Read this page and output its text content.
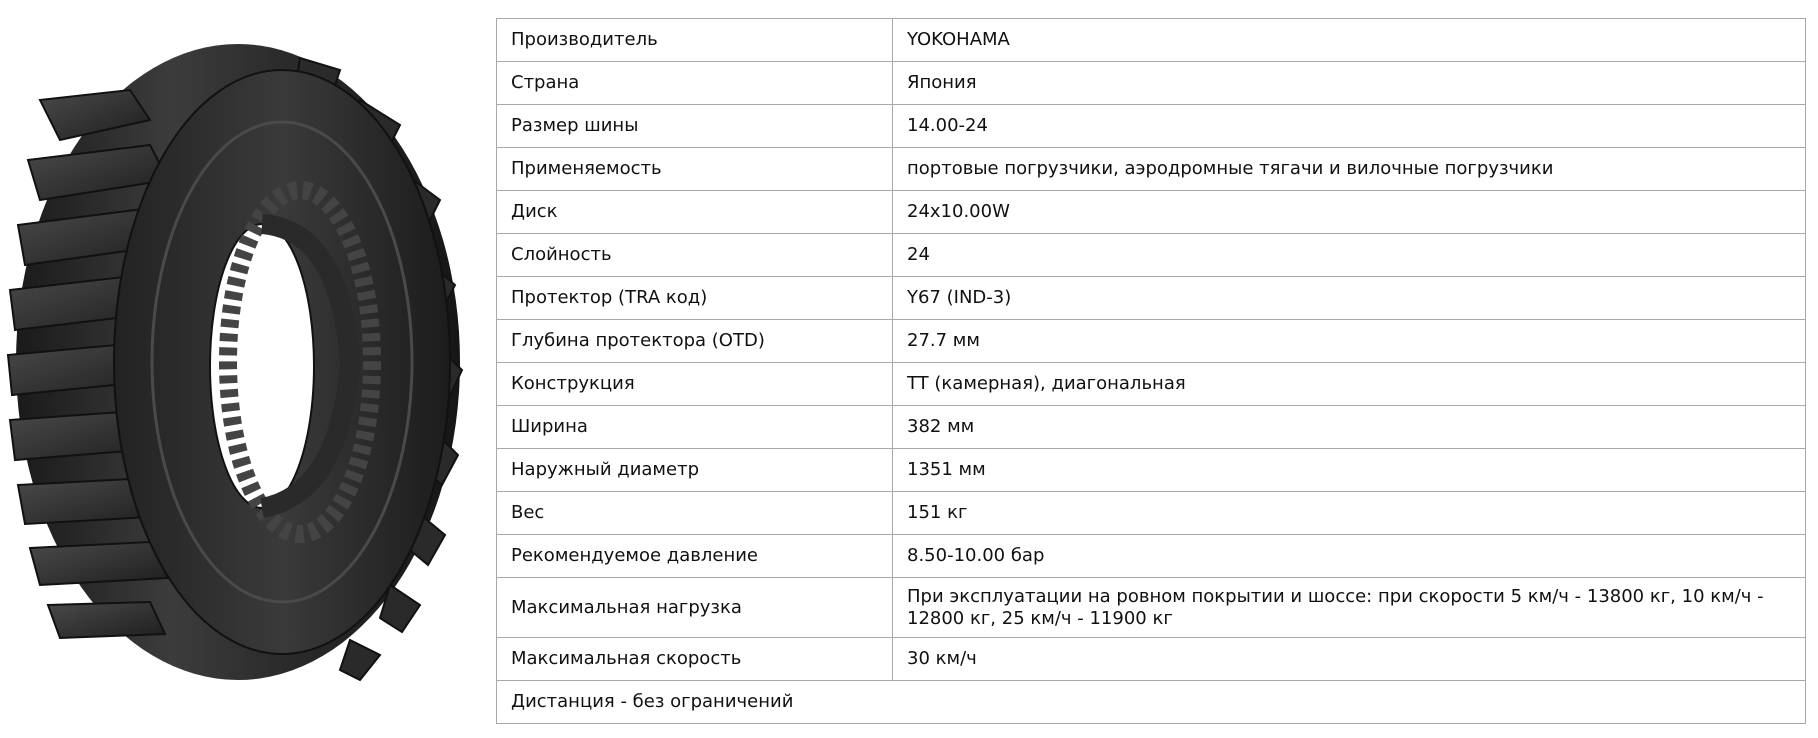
Производитель	YOKOHAMA
Страна	Япония
Размер шины	14.00-24
Применяемость	портовые погрузчики, аэродромные тягачи и вилочные погрузчики
Диск	24x10.00W
Слойность	24
Протектор (TRA код)	Y67 (IND-3)
Глубина протектора (OTD)	27.7 мм
Конструкция	TT (камерная), диагональная
Ширина	382 мм
Наружный диаметр	1351 мм
Вес	151 кг
Рекомендуемое давление	8.50-10.00 бар
Максимальная нагрузка	При эксплуатации на ровном покрытии и шоссе: при скорости 5 км/ч - 13800 кг, 10 км/ч - 12800 кг, 25 км/ч - 11900 кг
Максимальная скорость	30 км/ч
Дистанция - без ограничений	
